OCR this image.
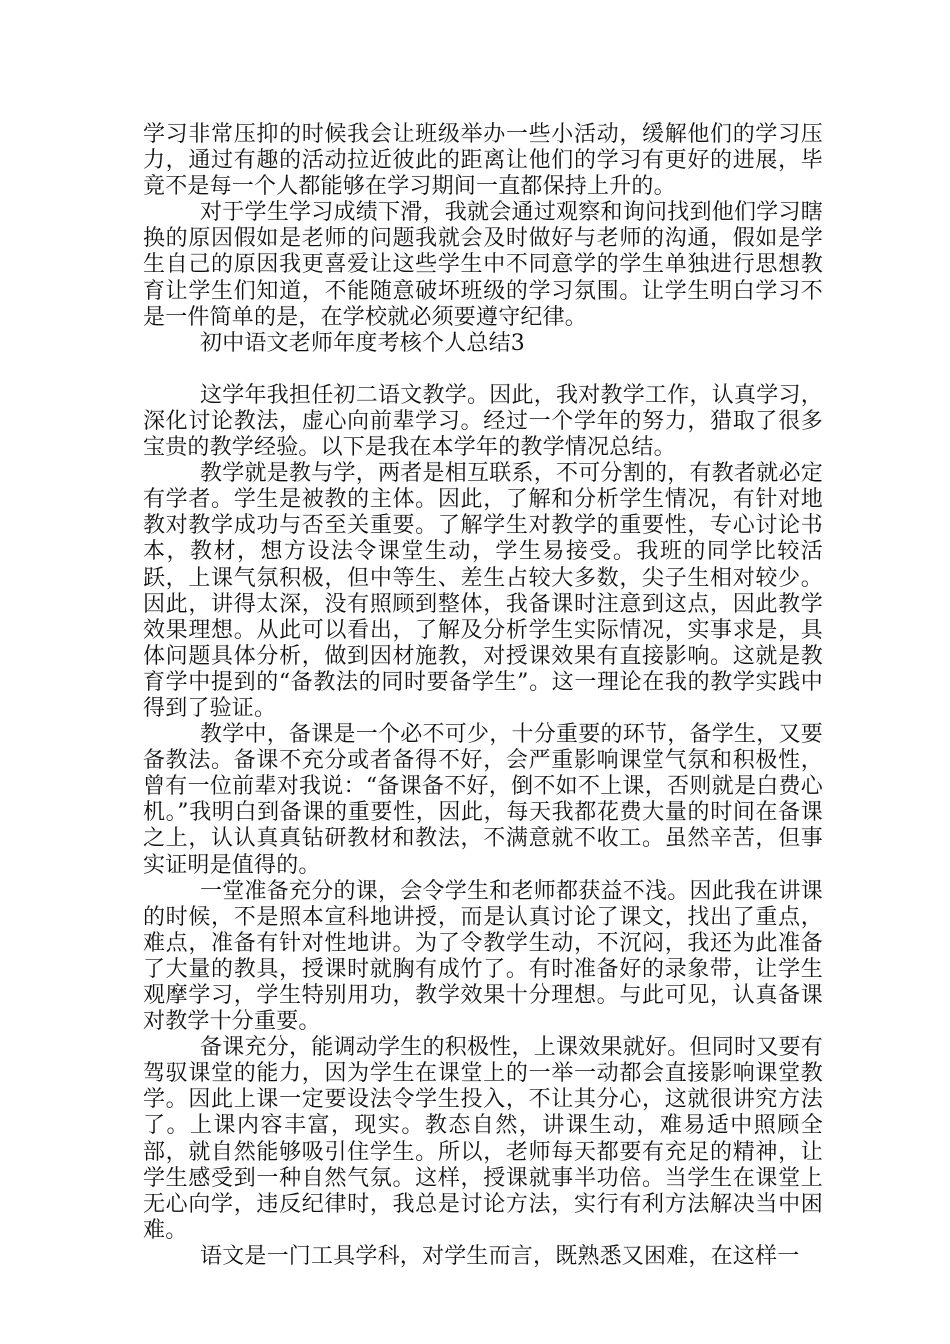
学习非常压抑的时候我会让班级举办一些小活动，缓解他们的学习压力，通过有趣的活动拉近彼此的距离让他们的学习有更好的进展，毕竟不是每一个人都能够在学习期间一直都保持上升的。

对于学生学习成绩下滑，我就会通过观察和询问找到他们学习瞎换的原因假如是老师的问题我就会及时做好与老师的沟通，假如是学生自己的原因我更喜爱让这些学生中不同意学的学生单独进行思想教育让学生们知道，不能随意破坏班级的学习氛围。让学生明白学习不是一件简单的是，在学校就必须要遵守纪律。

初中语文老师年度考核个人总结3

这学年我担任初二语文教学。因此，我对教学工作，认真学习，深化讨论教法，虚心向前辈学习。经过一个学年的努力，猎取了很多宝贵的教学经验。以下是我在本学年的教学情况总结。

教学就是教与学，两者是相互联系，不可分割的，有教者就必定有学者。学生是被教的主体。因此，了解和分析学生情况，有针对地教对教学成功与否至关重要。了解学生对教学的重要性，专心讨论书本，教材，想方设法令课堂生动，学生易接受。我班的同学比较活跃，上课气氛积极，但中等生、差生占较大多数，尖子生相对较少。因此，讲得太深，没有照顾到整体，我备课时注意到这点，因此教学效果理想。从此可以看出，了解及分析学生实际情况，实事求是，具体问题具体分析，做到因材施教，对授课效果有直接影响。这就是教育学中提到的“备教法的同时要备学生”。这一理论在我的教学实践中得到了验证。

教学中，备课是一个必不可少，十分重要的环节，备学生，又要备教法。备课不充分或者备得不好，会严重影响课堂气氛和积极性，曾有一位前辈对我说：“备课备不好，倒不如不上课，否则就是白费心机。”我明白到备课的重要性，因此，每天我都花费大量的时间在备课之上，认认真真钻研教材和教法，不满意就不收工。虽然辛苦，但事实证明是值得的。

一堂准备充分的课，会令学生和老师都获益不浅。因此我在讲课的时候，不是照本宣科地讲授，而是认真讨论了课文，找出了重点，难点，准备有针对性地讲。为了令教学生动，不沉闷，我还为此准备了大量的教具，授课时就胸有成竹了。有时准备好的录象带，让学生观摩学习，学生特别用功，教学效果十分理想。与此可见，认真备课对教学十分重要。

备课充分，能调动学生的积极性，上课效果就好。但同时又要有驾驭课堂的能力，因为学生在课堂上的一举一动都会直接影响课堂教学。因此上课一定要设法令学生投入，不让其分心，这就很讲究方法了。上课内容丰富，现实。教态自然，讲课生动，难易适中照顾全部，就自然能够吸引住学生。所以，老师每天都要有充足的精神，让学生感受到一种自然气氛。这样，授课就事半功倍。当学生在课堂上无心向学，违反纪律时，我总是讨论方法，实行有利方法解决当中困难。

语文是一门工具学科，对学生而言，既熟悉又困难，在这样一
